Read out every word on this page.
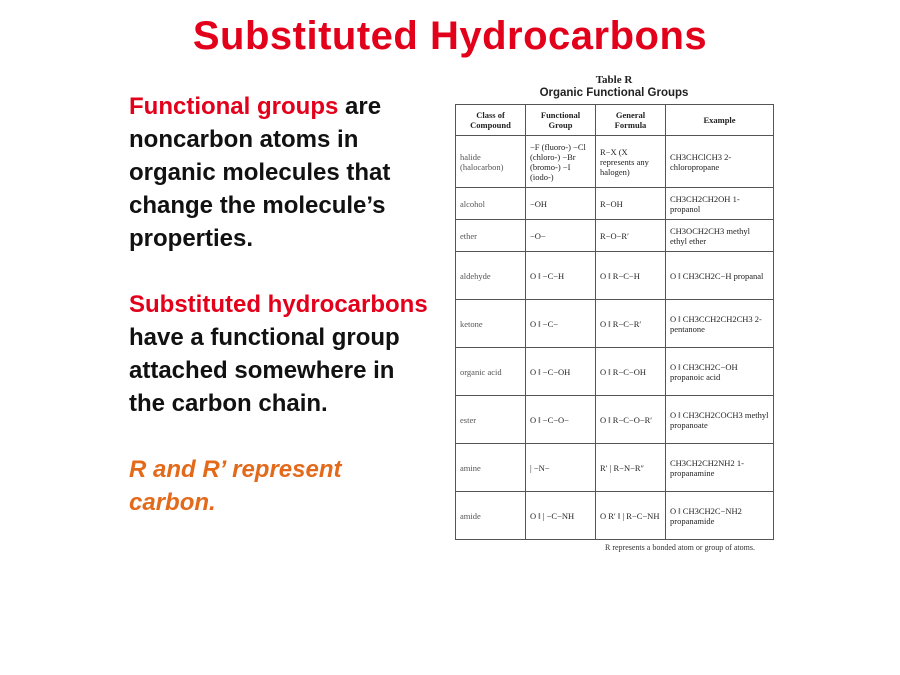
Substituted Hydrocarbons
Functional groups are noncarbon atoms in organic molecules that change the molecule’s properties.
Substituted hydrocarbons have a functional group attached somewhere in the carbon chain.
R and R’ represent carbon.
Table R
Organic Functional Groups
Class of Compound	Functional Group	General Formula	Example
halide (halocarbon)	−F (fluoro-) −Cl (chloro-) −Br (bromo-) −I (iodo-)	R−X (X represents any halogen)	CH3CHClCH3 2-chloropropane
alcohol	−OH	R−OH	CH3CH2CH2OH 1-propanol
ether	−O−	R−O−R′	CH3OCH2CH3 methyl ethyl ether
aldehyde	O ‖ −C−H	O ‖ R−C−H	O ‖ CH3CH2C−H propanal
ketone	O ‖ −C−	O ‖ R−C−R′	O ‖ CH3CCH2CH2CH3 2-pentanone
organic acid	O ‖ −C−OH	O ‖ R−C−OH	O ‖ CH3CH2C−OH propanoic acid
ester	O ‖ −C−O−	O ‖ R−C−O−R′	O ‖ CH3CH2COCH3 methyl propanoate
amine	| −N−	R′ | R−N−R″	CH3CH2CH2NH2 1-propanamine
amide	O ‖ | −C−NH	O R′ ‖ | R−C−NH	O ‖ CH3CH2C−NH2 propanamide
R represents a bonded atom or group of atoms.
